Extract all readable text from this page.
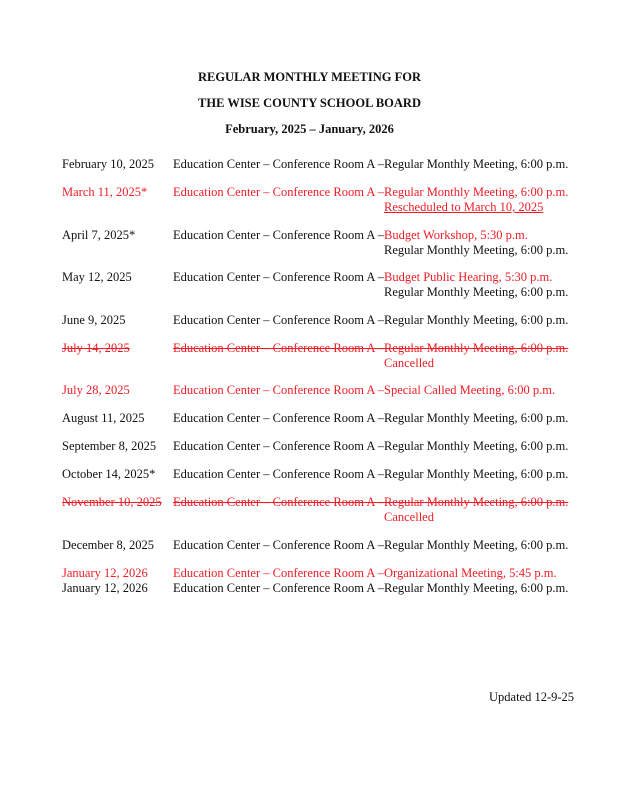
REGULAR MONTHLY MEETING FOR
THE WISE COUNTY SCHOOL BOARD
February, 2025 – January, 2026
February 10, 2025 Education Center – Conference Room A – Regular Monthly Meeting, 6:00 p.m.
March 11, 2025* Education Center – Conference Room A – Regular Monthly Meeting, 6:00 p.m.
Rescheduled to March 10, 2025
April 7, 2025*	Education Center – Conference Room A – Budget Workshop, 5:30 p.m.
Regular Monthly Meeting, 6:00 p.m.
May 12, 2025	Education Center – Conference Room A – Budget Public Hearing, 5:30 p.m.
Regular Monthly Meeting, 6:00 p.m.
June 9, 2025	Education Center – Conference Room A – Regular Monthly Meeting, 6:00 p.m.
July 14, 2025	Education Center – Conference Room A – Regular Monthly Meeting, 6:00 p.m.
Cancelled
July 28, 2025	Education Center – Conference Room A – Special Called Meeting, 6:00 p.m.
August 11, 2025 Education Center – Conference Room A – Regular Monthly Meeting, 6:00 p.m.
September 8, 2025 Education Center – Conference Room A – Regular Monthly Meeting, 6:00 p.m.
October 14, 2025* Education Center – Conference Room A – Regular Monthly Meeting, 6:00 p.m.
November 10, 2025 Education Center – Conference Room A – Regular Monthly Meeting, 6:00 p.m.
Cancelled
December 8, 2025 Education Center – Conference Room A – Regular Monthly Meeting, 6:00 p.m.
January 12, 2026 Education Center – Conference Room A – Organizational Meeting, 5:45 p.m.
January 12, 2026 Education Center – Conference Room A – Regular Monthly Meeting, 6:00 p.m.
Updated 12-9-25
